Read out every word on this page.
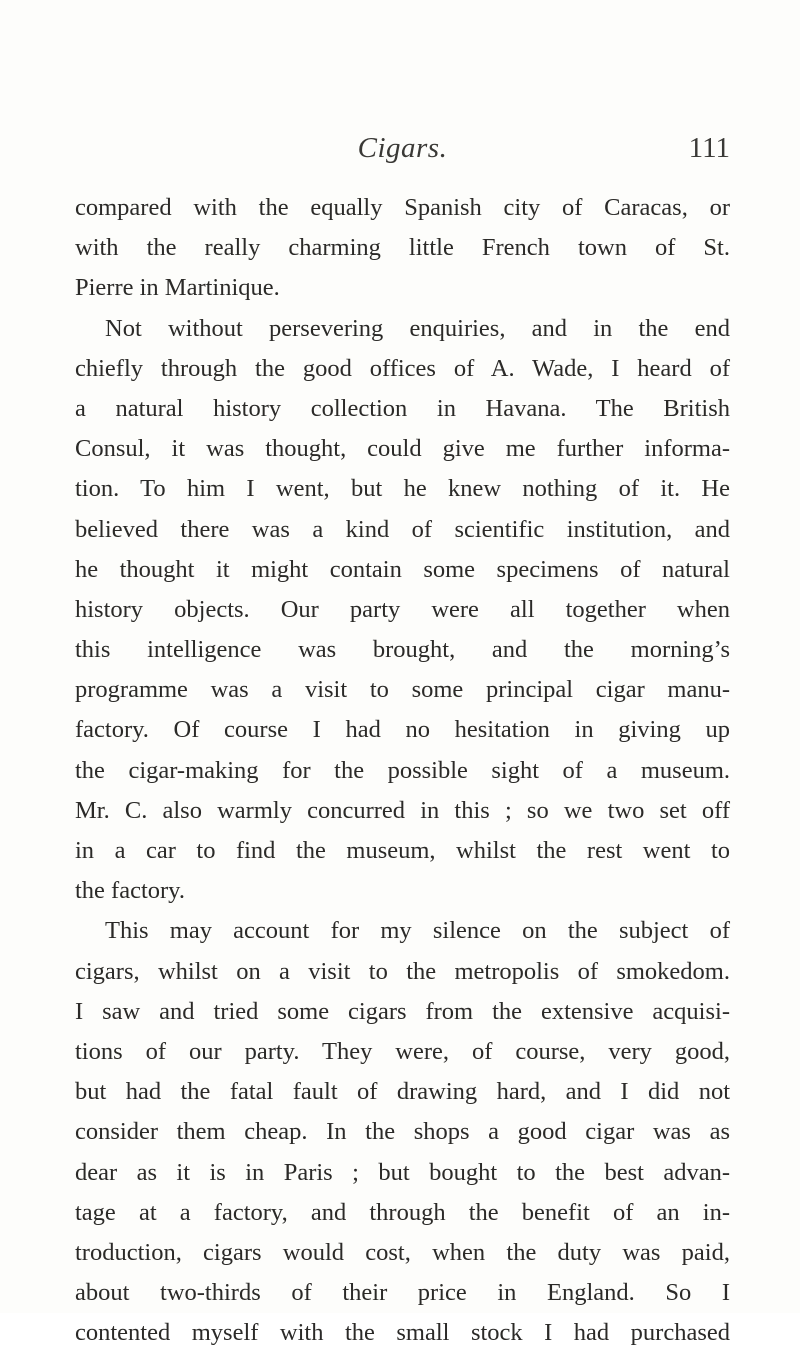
Cigars.	111
compared with the equally Spanish city of Caracas, or
with the really charming little French town of St.
Pierre in Martinique.
Not without persevering enquiries, and in the end
chiefly through the good offices of A. Wade, I heard of
a natural history collection in Havana. The British
Consul, it was thought, could give me further informa-
tion. To him I went, but he knew nothing of it. He
believed there was a kind of scientific institution, and
he thought it might contain some specimens of natural
history objects. Our party were all together when
this intelligence was brought, and the morning’s
programme was a visit to some principal cigar manu-
factory. Of course I had no hesitation in giving up
the cigar-making for the possible sight of a museum.
Mr. C. also warmly concurred in this ; so we two set off
in a car to find the museum, whilst the rest went to
the factory.
This may account for my silence on the subject of
cigars, whilst on a visit to the metropolis of smokedom.
I saw and tried some cigars from the extensive acquisi-
tions of our party. They were, of course, very good,
but had the fatal fault of drawing hard, and I did not
consider them cheap. In the shops a good cigar was as
dear as it is in Paris ; but bought to the best advan-
tage at a factory, and through the benefit of an in-
troduction, cigars would cost, when the duty was paid,
about two-thirds of their price in England. So I
contented myself with the small stock I had purchased
